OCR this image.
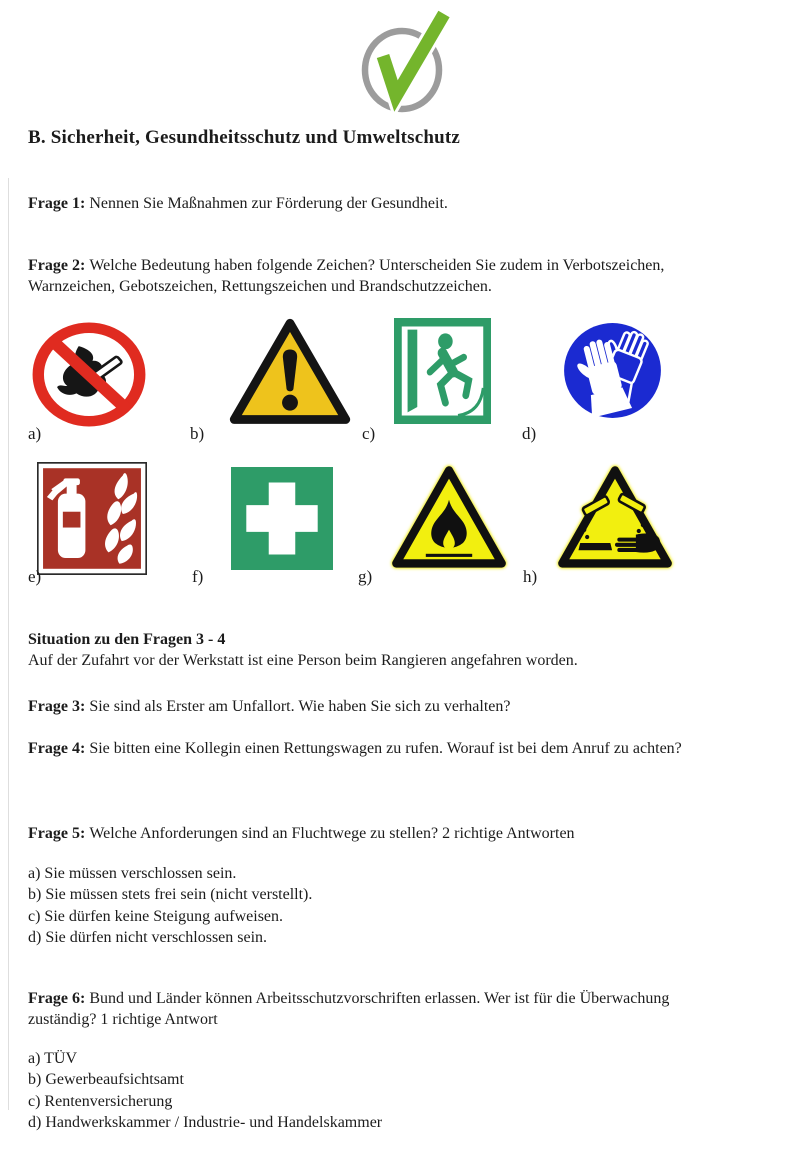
B. Sicherheit, Gesundheitsschutz und Umweltschutz
Frage 1: Nennen Sie Maßnahmen zur Förderung der Gesundheit.
Frage 2: Welche Bedeutung haben folgende Zeichen? Unterscheiden Sie zudem in Verbotszeichen, Warnzeichen, Gebotszeichen, Rettungszeichen und Brandschutzzeichen.
a)	b)	c)	d)
e)	f)	g)	h)
Situation zu den Fragen 3 - 4
Auf der Zufahrt vor der Werkstatt ist eine Person beim Rangieren angefahren worden.
Frage 3: Sie sind als Erster am Unfallort. Wie haben Sie sich zu verhalten?
Frage 4: Sie bitten eine Kollegin einen Rettungswagen zu rufen. Worauf ist bei dem Anruf zu achten?
Frage 5: Welche Anforderungen sind an Fluchtwege zu stellen? 2 richtige Antworten
a) Sie müssen verschlossen sein.
b) Sie müssen stets frei sein (nicht verstellt).
c) Sie dürfen keine Steigung aufweisen.
d) Sie dürfen nicht verschlossen sein.
Frage 6: Bund und Länder können Arbeitsschutzvorschriften erlassen. Wer ist für die Überwachung zuständig? 1 richtige Antwort
a) TÜV
b) Gewerbeaufsichtsamt
c) Rentenversicherung
d) Handwerkskammer / Industrie- und Handelskammer
